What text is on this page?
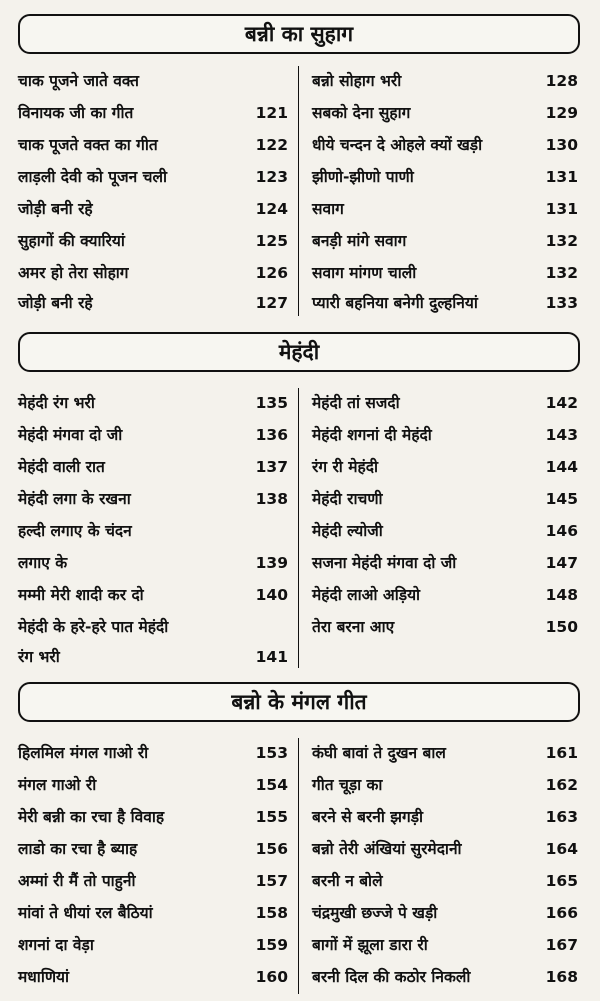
बन्नी का सुहाग
चाक पूजने जाते वक्त
विनायक जी का गीत	121
चाक पूजते वक्त का गीत	122
लाड़ली देवी को पूजन चली	123
जोड़ी बनी रहे	124
सुहागों की क्यारियां	125
अमर हो तेरा सोहाग	126
जोड़ी बनी रहे	127
बन्नो सोहाग भरी	128
सबको देना सुहाग	129
धीये चन्दन दे ओहले क्यों खड़ी	130
झीणो-झीणो पाणी	131
सवाग	131
बनड़ी मांगे सवाग	132
सवाग मांगण चाली	132
प्यारी बहनिया बनेगी दुल्हनियां	133
मेहंदी
मेहंदी रंग भरी	135
मेहंदी मंगवा दो जी	136
मेहंदी वाली रात	137
मेहंदी लगा के रखना	138
हल्दी लगाए के चंदन
लगाए के	139
मम्मी मेरी शादी कर दो	140
मेहंदी के हरे-हरे पात मेहंदी
रंग भरी	141
मेहंदी तां सजदी	142
मेहंदी शगनां दी मेहंदी	143
रंग री मेहंदी	144
मेहंदी राचणी	145
मेहंदी ल्योजी	146
सजना मेहंदी मंगवा दो जी	147
मेहंदी लाओ अड़ियो	148
तेरा बरना आए	150
बन्नो के मंगल गीत
हिलमिल मंगल गाओ री	153
मंगल गाओ री	154
मेरी बन्नी का रचा है विवाह	155
लाडो का रचा है ब्याह	156
अम्मां री मैं तो पाहुनी	157
मांवां ते धीयां रल बैठियां	158
शगनां दा वेड़ा	159
मधाणियां	160
कंघी बावां ते दुखन बाल	161
गीत चूड़ा का	162
बरने से बरनी झगड़ी	163
बन्नो तेरी अंखियां सुरमेदानी	164
बरनी न बोले	165
चंद्रमुखी छज्जे पे खड़ी	166
बागों में झूला डारा री	167
बरनी दिल की कठोर निकली	168
